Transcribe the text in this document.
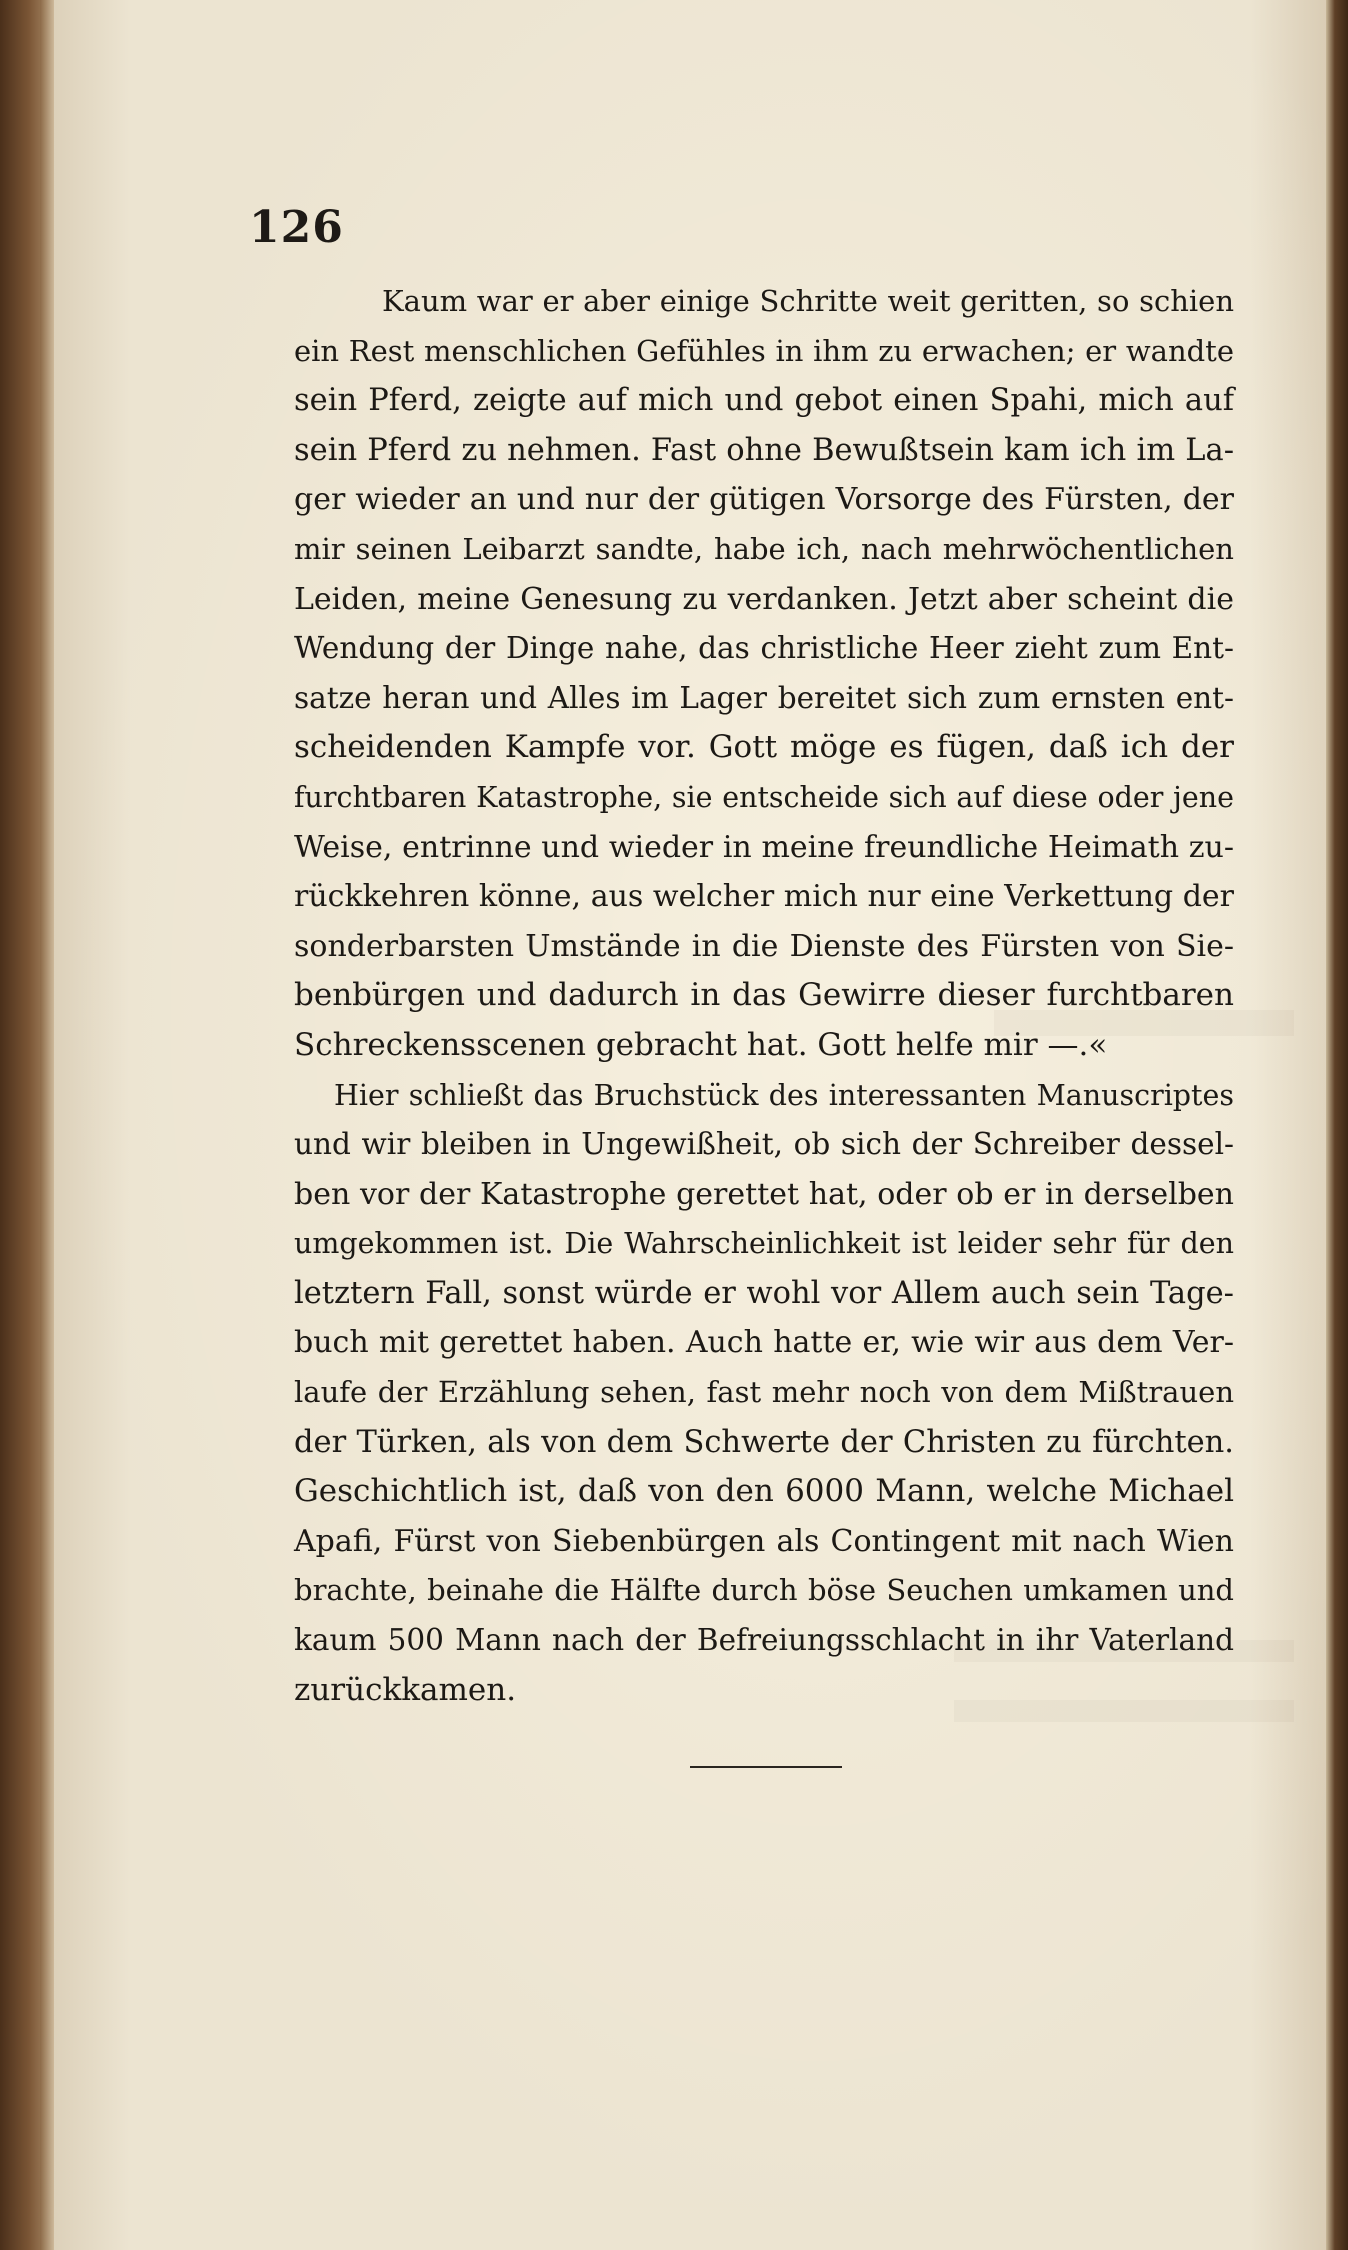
126
Kaum war er aber einige Schritte weit geritten, so schien
ein Rest menschlichen Gefühles in ihm zu erwachen; er wandte
sein Pferd, zeigte auf mich und gebot einen Spahi, mich auf
sein Pferd zu nehmen. Fast ohne Bewußtsein kam ich im La-
ger wieder an und nur der gütigen Vorsorge des Fürsten, der
mir seinen Leibarzt sandte, habe ich, nach mehrwöchentlichen
Leiden, meine Genesung zu verdanken. Jetzt aber scheint die
Wendung der Dinge nahe, das christliche Heer zieht zum Ent-
satze heran und Alles im Lager bereitet sich zum ernsten ent-
scheidenden Kampfe vor. Gott möge es fügen, daß ich der
furchtbaren Katastrophe, sie entscheide sich auf diese oder jene
Weise, entrinne und wieder in meine freundliche Heimath zu-
rückkehren könne, aus welcher mich nur eine Verkettung der
sonderbarsten Umstände in die Dienste des Fürsten von Sie-
benbürgen und dadurch in das Gewirre dieser furchtbaren
Schreckensscenen gebracht hat. Gott helfe mir —.«
Hier schließt das Bruchstück des interessanten Manuscriptes
und wir bleiben in Ungewißheit, ob sich der Schreiber dessel-
ben vor der Katastrophe gerettet hat, oder ob er in derselben
umgekommen ist. Die Wahrscheinlichkeit ist leider sehr für den
letztern Fall, sonst würde er wohl vor Allem auch sein Tage-
buch mit gerettet haben. Auch hatte er, wie wir aus dem Ver-
laufe der Erzählung sehen, fast mehr noch von dem Mißtrauen
der Türken, als von dem Schwerte der Christen zu fürchten.
Geschichtlich ist, daß von den 6000 Mann, welche Michael
Apafi, Fürst von Siebenbürgen als Contingent mit nach Wien
brachte, beinahe die Hälfte durch böse Seuchen umkamen und
kaum 500 Mann nach der Befreiungsschlacht in ihr Vaterland
zurückkamen.
